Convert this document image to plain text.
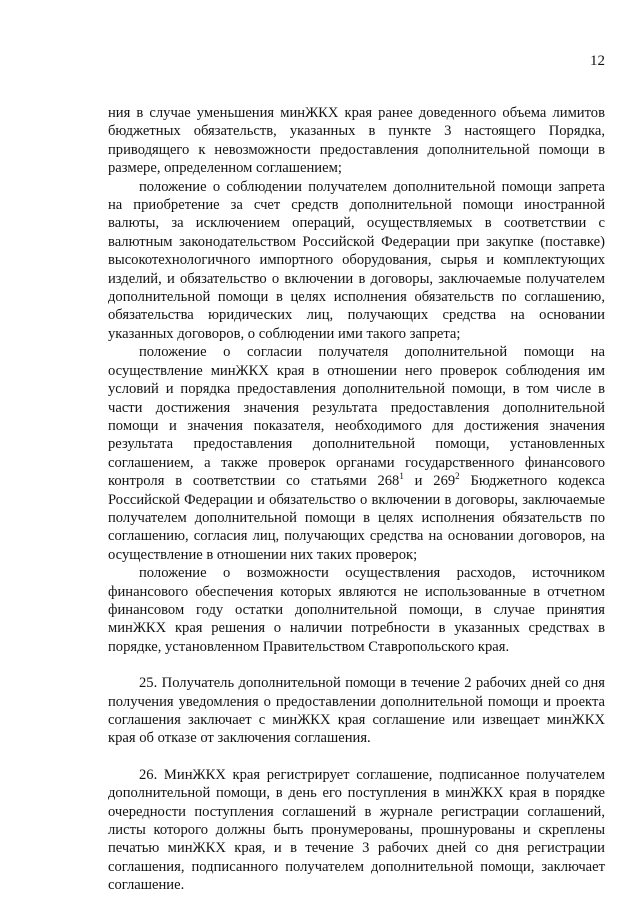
12

ния в случае уменьшения минЖКХ края ранее доведенного объема лимитов бюджетных обязательств, указанных в пункте 3 настоящего Порядка, приводящего к невозможности предоставления дополнительной помощи в размере, определенном соглашением;

положение о соблюдении получателем дополнительной помощи запрета на приобретение за счет средств дополнительной помощи иностранной валюты, за исключением операций, осуществляемых в соответствии с валютным законодательством Российской Федерации при закупке (поставке) высокотехнологичного импортного оборудования, сырья и комплектующих изделий, и обязательство о включении в договоры, заключаемые получателем дополнительной помощи в целях исполнения обязательств по соглашению, обязательства юридических лиц, получающих средства на основании указанных договоров, о соблюдении ими такого запрета;

положение о согласии получателя дополнительной помощи на осуществление минЖКХ края в отношении него проверок соблюдения им условий и порядка предоставления дополнительной помощи, в том числе в части достижения значения результата предоставления дополнительной помощи и значения показателя, необходимого для достижения значения результата предоставления дополнительной помощи, установленных соглашением, а также проверок органами государственного финансового контроля в соответствии со статьями $268^1$ и $269^2$ Бюджетного кодекса Российской Федерации и обязательство о включении в договоры, заключаемые получателем дополнительной помощи в целях исполнения обязательств по соглашению, согласия лиц, получающих средства на основании договоров, на осуществление в отношении них таких проверок;

положение о возможности осуществления расходов, источником финансового обеспечения которых являются не использованные в отчетном финансовом году остатки дополнительной помощи, в случае принятия минЖКХ края решения о наличии потребности в указанных средствах в порядке, установленном Правительством Ставропольского края.

25. Получатель дополнительной помощи в течение 2 рабочих дней со дня получения уведомления о предоставлении дополнительной помощи и проекта соглашения заключает с минЖКХ края соглашение или извещает минЖКХ края об отказе от заключения соглашения.

26. МинЖКХ края регистрирует соглашение, подписанное получателем дополнительной помощи, в день его поступления в минЖКХ края в порядке очередности поступления соглашений в журнале регистрации соглашений, листы которого должны быть пронумерованы, прошнурованы и скреплены печатью минЖКХ края, и в течение 3 рабочих дней со дня регистрации соглашения, подписанного получателем дополнительной помощи, заключает соглашение.
